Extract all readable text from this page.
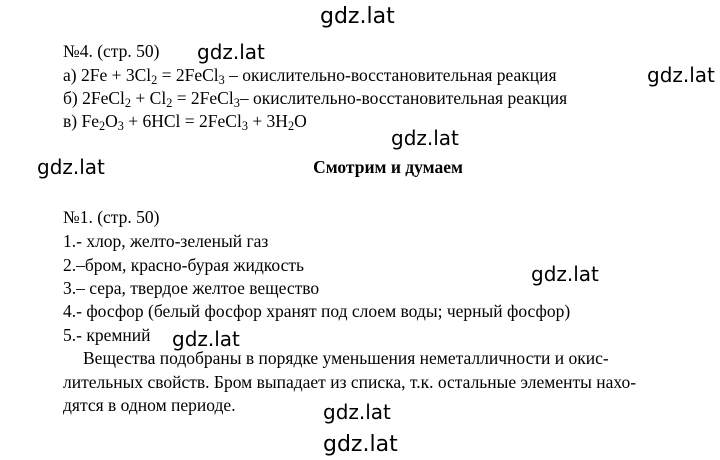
gdz.lat
gdz.lat
gdz.lat
gdz.lat
gdz.lat
gdz.lat
gdz.lat
gdz.lat
gdz.lat
№4. (стр. 50)
а) $2Fe + 3Cl_2$ = 2FeCl$_3$ – окислительно-восстановительная реакция
б) 2FeCl$_2$ + $Cl_2$ = 2FeCl$_3$– окислительно-восстановительная реакция
в) $Fe_2O_3 + 6HCl$ = 2FeCl$_3$ + $3H_2O$
Смотрим и думаем
№1. (стр. 50)
1.- хлор, желто-зеленый газ
2.–бром, красно-бурая жидкость
3.– сера, твердое желтое вещество
4.- фосфор (белый фосфор хранят под слоем воды; черный фосфор)
5.- кремний
Вещества подобраны в порядке уменьшения неметалличности и окис-
лительных свойств. Бром выпадает из списка, т.к. остальные элементы нахо-
дятся в одном периоде.
